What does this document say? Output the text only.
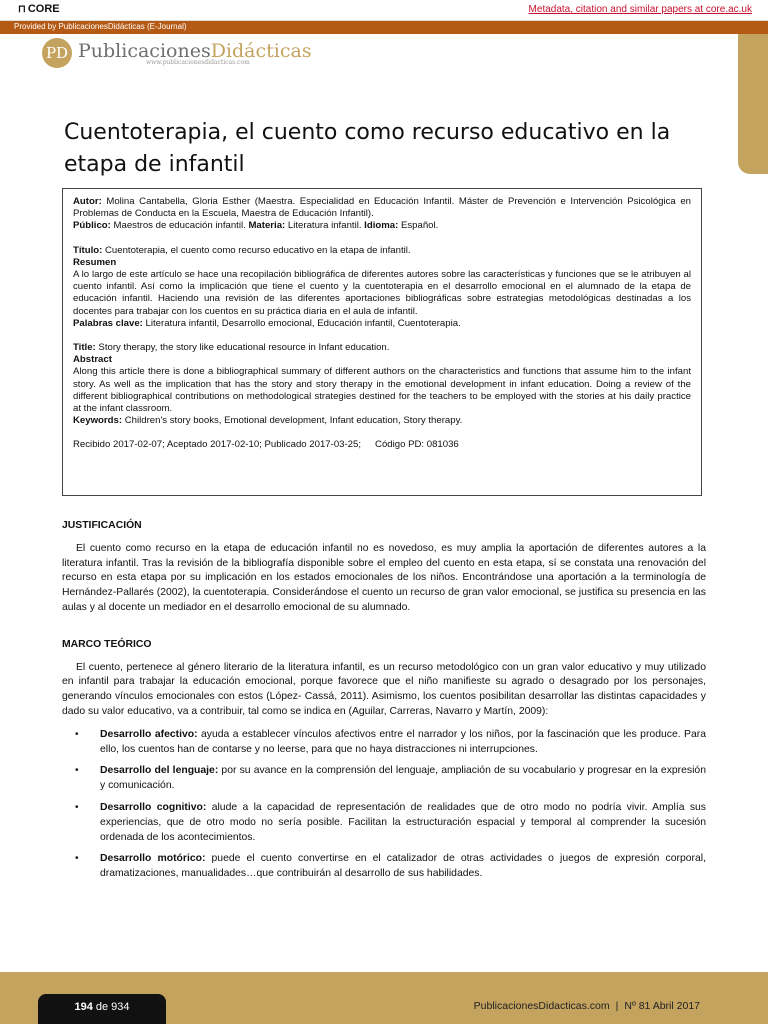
⊓ CORE	Metadata, citation and similar papers at core.ac.uk
Provided by PublicacionesDidácticas (E-Journal)
PD PublicacionesDidácticas
www.publicacionesdidacticas.com
Cuentoterapia, el cuento como recurso educativo en la etapa de infantil

Autor: Molina Cantabella, Gloria Esther (Maestra. Especialidad en Educación Infantil. Máster de Prevención e Intervención Psicológica en Problemas de Conducta en la Escuela, Maestra de Educación Infantil).

Público: Maestros de educación infantil. Materia: Literatura infantil. Idioma: Español.

Título: Cuentoterapia, el cuento como recurso educativo en la etapa de infantil.

Resumen

A lo largo de este artículo se hace una recopilación bibliográfica de diferentes autores sobre las características y funciones que se le atribuyen al cuento infantil. Así como la implicación que tiene el cuento y la cuentoterapia en el desarrollo emocional en el alumnado de la etapa de educación infantil. Haciendo una revisión de las diferentes aportaciones bibliográficas sobre estrategias metodológicas destinadas a los docentes para trabajar con los cuentos en su práctica diaria en el aula de infantil.

Palabras clave: Literatura infantil, Desarrollo emocional, Educación infantil, Cuentoterapia.

Title: Story therapy, the story like educational resource in Infant education.

Abstract

Along this article there is done a bibliographical summary of different authors on the characteristics and functions that assume him to the infant story. As well as the implication that has the story and story therapy in the emotional development in infant education. Doing a review of the different bibliographical contributions on methodological strategies destined for the teachers to be employed with the stories at his daily practice at the infant classroom.

Keywords: Children's story books, Emotional development, Infant education, Story therapy.

Recibido 2017-02-07; Aceptado 2017-02-10; Publicado 2017-03-25; Código PD: 081036

JUSTIFICACIÓN

El cuento como recurso en la etapa de educación infantil no es novedoso, es muy amplia la aportación de diferentes autores a la literatura infantil. Tras la revisión de la bibliografía disponible sobre el empleo del cuento en esta etapa, sí se constata una renovación del recurso en esta etapa por su implicación en los estados emocionales de los niños. Encontrándose una aportación a la terminología de Hernández-Pallarés (2002), la cuentoterapia. Considerándose el cuento un recurso de gran valor emocional, se justifica su presencia en las aulas y al docente un mediador en el desarrollo emocional de su alumnado.

MARCO TEÓRICO

El cuento, pertenece al género literario de la literatura infantil, es un recurso metodológico con un gran valor educativo y muy utilizado en infantil para trabajar la educación emocional, porque favorece que el niño manifieste su agrado o desagrado por los personajes, generando vínculos emocionales con estos (López- Cassá, 2011). Asimismo, los cuentos posibilitan desarrollar las distintas capacidades y dado su valor educativo, va a contribuir, tal como se indica en (Aguilar, Carreras, Navarro y Martín, 2009):

• Desarrollo afectivo: ayuda a establecer vínculos afectivos entre el narrador y los niños, por la fascinación que les produce. Para ello, los cuentos han de contarse y no leerse, para que no haya distracciones ni interrupciones.
• Desarrollo del lenguaje: por su avance en la comprensión del lenguaje, ampliación de su vocabulario y progresar en la expresión y comunicación.
• Desarrollo cognitivo: alude a la capacidad de representación de realidades que de otro modo no podría vivir. Amplía sus experiencias, que de otro modo no sería posible. Facilitan la estructuración espacial y temporal al comprender la sucesión ordenada de los acontecimientos.
• Desarrollo motórico: puede el cuento convertirse en el catalizador de otras actividades o juegos de expresión corporal, dramatizaciones, manualidades…que contribuirán al desarrollo de sus habilidades.
194 de 934	PublicacionesDidacticas.com | Nº 81 Abril 2017
